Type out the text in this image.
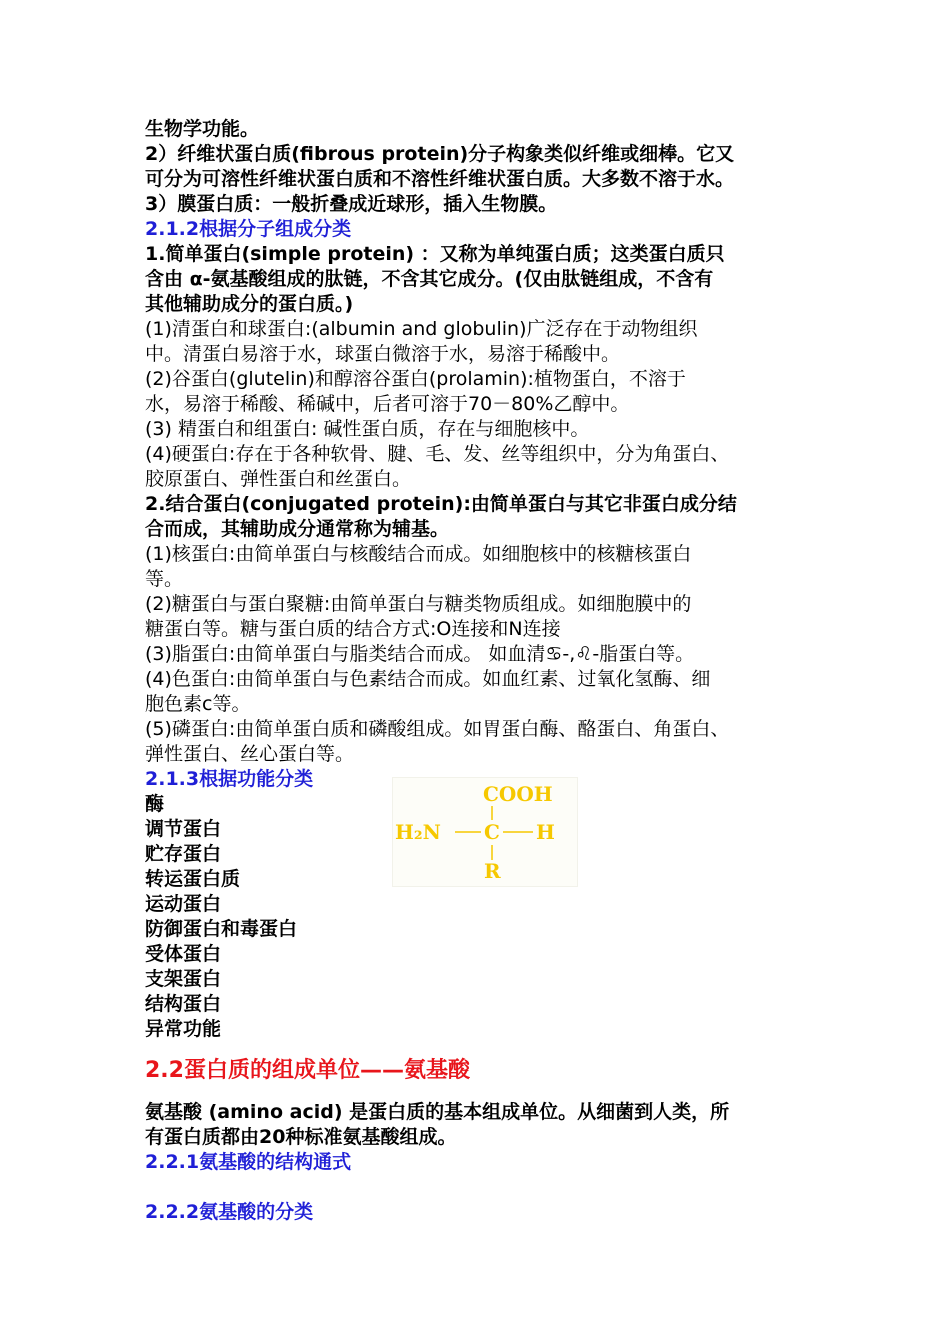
生物学功能。
2）纤维状蛋白质(fibrous protein)分子构象类似纤维或细棒。它又
可分为可溶性纤维状蛋白质和不溶性纤维状蛋白质。大多数不溶于水。
3）膜蛋白质：一般折叠成近球形，插入生物膜。
2.1.2根据分子组成分类
1.简单蛋白(simple protein) ：又称为单纯蛋白质；这类蛋白质只
含由 α-氨基酸组成的肽链，不含其它成分。(仅由肽链组成，不含有
其他辅助成分的蛋白质。)
(1)清蛋白和球蛋白:(albumin and globulin)广泛存在于动物组织
中。清蛋白易溶于水，球蛋白微溶于水，易溶于稀酸中。
(2)谷蛋白(glutelin)和醇溶谷蛋白(prolamin):植物蛋白，不溶于
水，易溶于稀酸、稀碱中，后者可溶于70－80%乙醇中。
(3) 精蛋白和组蛋白: 碱性蛋白质，存在与细胞核中。
(4)硬蛋白:存在于各种软骨、腱、毛、发、丝等组织中，分为角蛋白、
胶原蛋白、弹性蛋白和丝蛋白。
2.结合蛋白(conjugated protein):由简单蛋白与其它非蛋白成分结
合而成，其辅助成分通常称为辅基。
(1)核蛋白:由简单蛋白与核酸结合而成。如细胞核中的核糖核蛋白
等。
(2)糖蛋白与蛋白聚糖:由简单蛋白与糖类物质组成。如细胞膜中的
糖蛋白等。糖与蛋白质的结合方式:O连接和N连接
(3)脂蛋白:由简单蛋白与脂类结合而成。 如血清♋-,♌-脂蛋白等。
(4)色蛋白:由简单蛋白与色素结合而成。如血红素、过氧化氢酶、细
胞色素c等。
(5)磷蛋白:由简单蛋白质和磷酸组成。如胃蛋白酶、酪蛋白、角蛋白、
弹性蛋白、丝心蛋白等。
2.1.3根据功能分类
酶
调节蛋白
贮存蛋白
转运蛋白质
运动蛋白
防御蛋白和毒蛋白
受体蛋白
支架蛋白
结构蛋白
异常功能
2.2蛋白质的组成单位——氨基酸
氨基酸 (amino acid) 是蛋白质的基本组成单位。从细菌到人类，所
有蛋白质都由20种标准氨基酸组成。
2.2.1氨基酸的结构通式
2.2.2氨基酸的分类
COOH
H₂N C H
R
